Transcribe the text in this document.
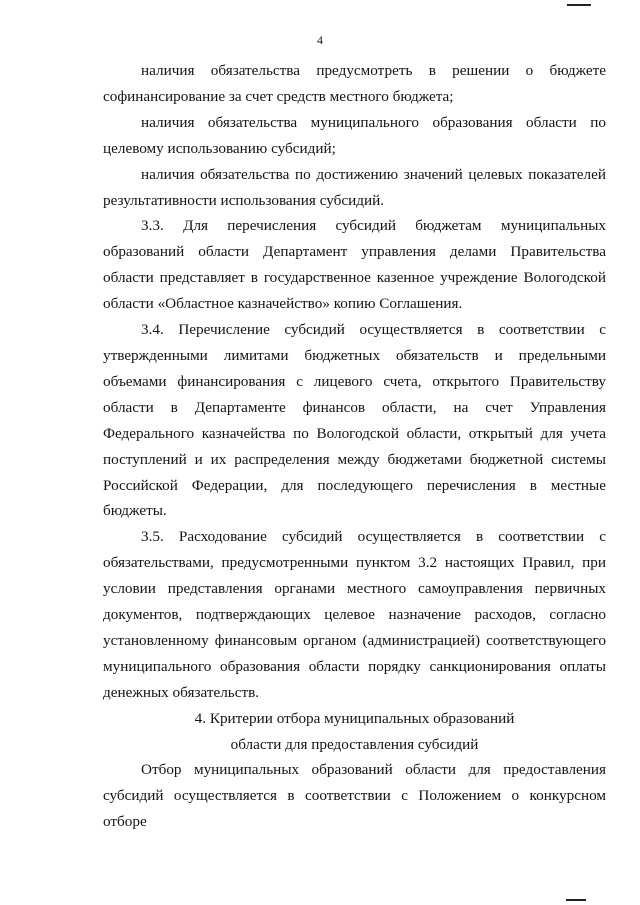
4

наличия обязательства предусмотреть в решении о бюджете софинансирование за счет средств местного бюджета;

наличия обязательства муниципального образования области по целевому использованию субсидий;

наличия обязательства по достижению значений целевых показателей результативности использования субсидий.

3.3. Для перечисления субсидий бюджетам муниципальных образований области Департамент управления делами Правительства области представляет в государственное казенное учреждение Вологодской области «Областное казначейство» копию Соглашения.

3.4. Перечисление субсидий осуществляется в соответствии с утвержденными лимитами бюджетных обязательств и предельными объемами финансирования с лицевого счета, открытого Правительству области в Департаменте финансов области, на счет Управления Федерального казначейства по Вологодской области, открытый для учета поступлений и их распределения между бюджетами бюджетной системы Российской Федерации, для последующего перечисления в местные бюджеты.

3.5. Расходование субсидий осуществляется в соответствии с обязательствами, предусмотренными пунктом 3.2 настоящих Правил, при условии представления органами местного самоуправления первичных документов, подтверждающих целевое назначение расходов, согласно установленному финансовым органом (администрацией) соответствующего муниципального образования области порядку санкционирования оплаты денежных обязательств.

4. Критерии отбора муниципальных образований

области для предоставления субсидий

Отбор муниципальных образований области для предоставления субсидий осуществляется в соответствии с Положением о конкурсном отборе
